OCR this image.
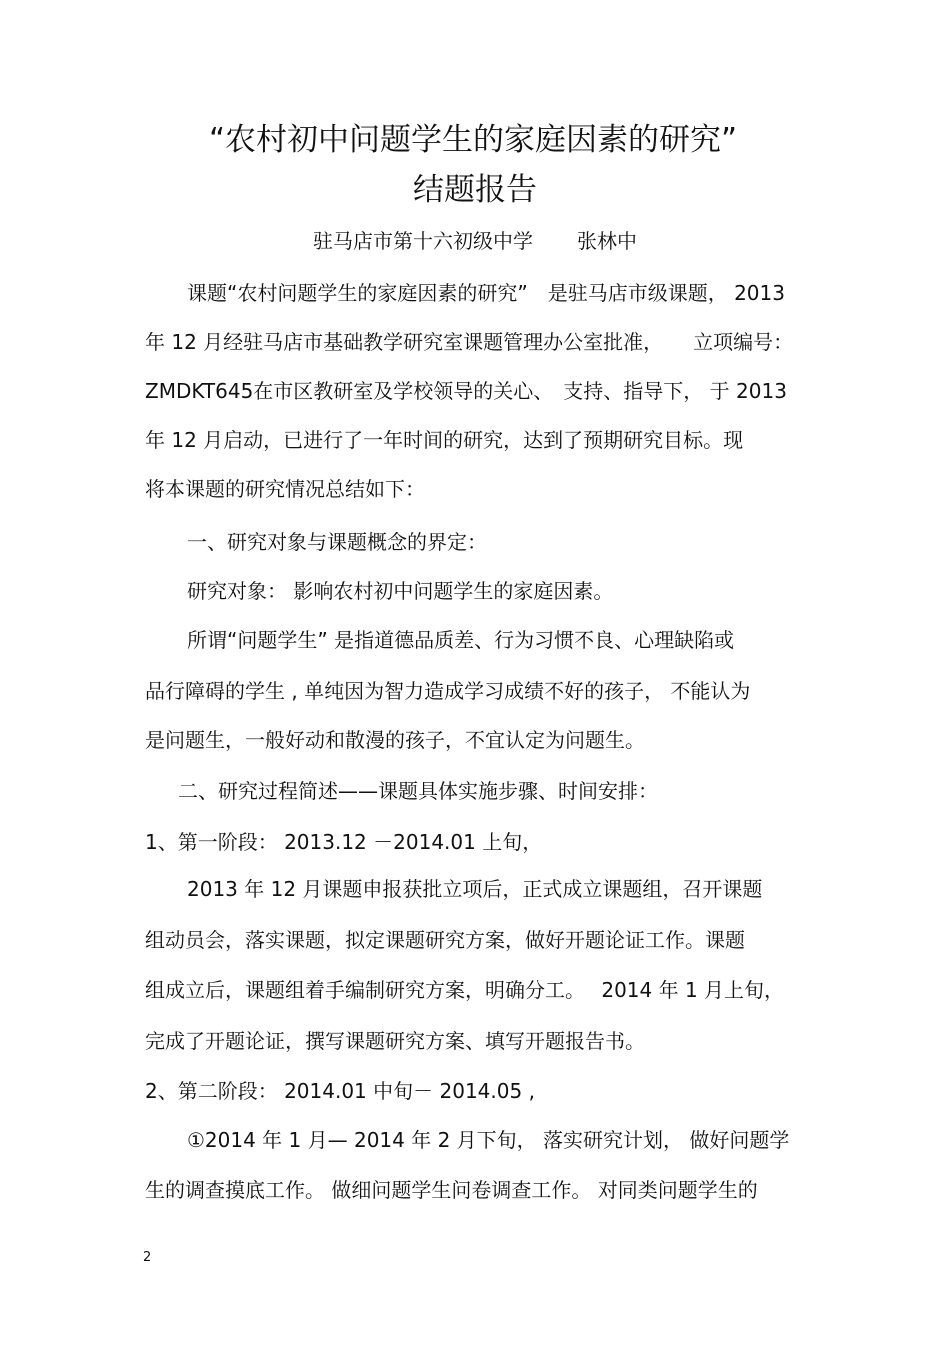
“农村初中问题学生的家庭因素的研究”
结题报告
驻马店市第十六初级中学 张林中
课题“农村问题学生的家庭因素的研究”　是驻马店市级课题， 2013
年 12 月经驻马店市基础教学研究室课题管理办公室批准，　　立项编号：
ZMDKT645在市区教研室及学校领导的关心、　支持、指导下， 于 2013
年 12 月启动，已进行了一年时间的研究，达到了预期研究目标。现
将本课题的研究情况总结如下：
一、研究对象与课题概念的界定：
研究对象： 影响农村初中问题学生的家庭因素。
所谓“问题学生” 是指道德品质差、行为习惯不良、心理缺陷或
品行障碍的学生 , 单纯因为智力造成学习成绩不好的孩子， 不能认为
是问题生，一般好动和散漫的孩子，不宜认定为问题生。
二、研究过程简述——课题具体实施步骤、时间安排：
1、第一阶段： 2013.12 －2014.01 上旬，
2013 年 12 月课题申报获批立项后，正式成立课题组，召开课题
组动员会，落实课题，拟定课题研究方案，做好开题论证工作。课题
组成立后，课题组着手编制研究方案，明确分工。　 2014 年 1 月上旬，
完成了开题论证，撰写课题研究方案、填写开题报告书。
2、第二阶段： 2014.01 中旬－ 2014.05 ,
①2014 年 1 月— 2014 年 2 月下旬， 落实研究计划， 做好问题学
生的调查摸底工作。 做细问题学生问卷调查工作。 对同类问题学生的
2
